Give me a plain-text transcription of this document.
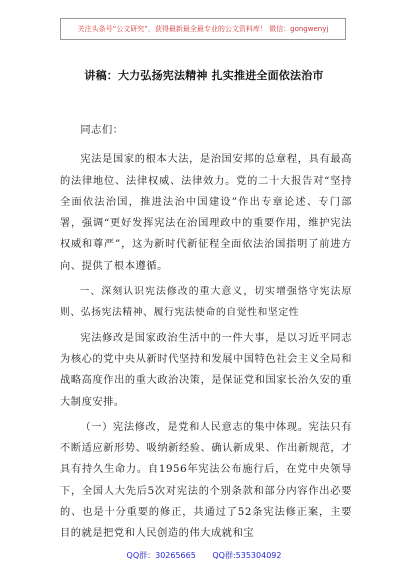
关注头条号“公文研究”，获得最新最全最专业的公文资料库！ 微信：gongwenyj
讲稿：大力弘扬宪法精神 扎实推进全面依法治市

同志们：

宪法是国家的根本大法，是治国安邦的总章程，具有最高的法律地位、法律权威、法律效力。党的二十大报告对“坚持全面依法治国，推进法治中国建设”作出专章论述、专门部署，强调“更好发挥宪法在治国理政中的重要作用，维护宪法权威和尊严”，这为新时代新征程全面依法治国指明了前进方向、提供了根本遵循。

一、深刻认识宪法修改的重大意义，切实增强恪守宪法原则、弘扬宪法精神、履行宪法使命的自觉性和坚定性

宪法修改是国家政治生活中的一件大事，是以习近平同志为核心的党中央从新时代坚持和发展中国特色社会主义全局和战略高度作出的重大政治决策，是保证党和国家长治久安的重大制度安排。

（一）宪法修改，是党和人民意志的集中体现。宪法只有不断适应新形势、吸纳新经验、确认新成果、作出新规范，才具有持久生命力。自1956年宪法公布施行后，在党中央领导下，全国人大先后5次对宪法的个别条款和部分内容作出必要的、也是十分重要的修正，共通过了52条宪法修正案，主要目的就是把党和人民创造的伟大成就和宝

QQ群：30265665 QQ群:535304092
